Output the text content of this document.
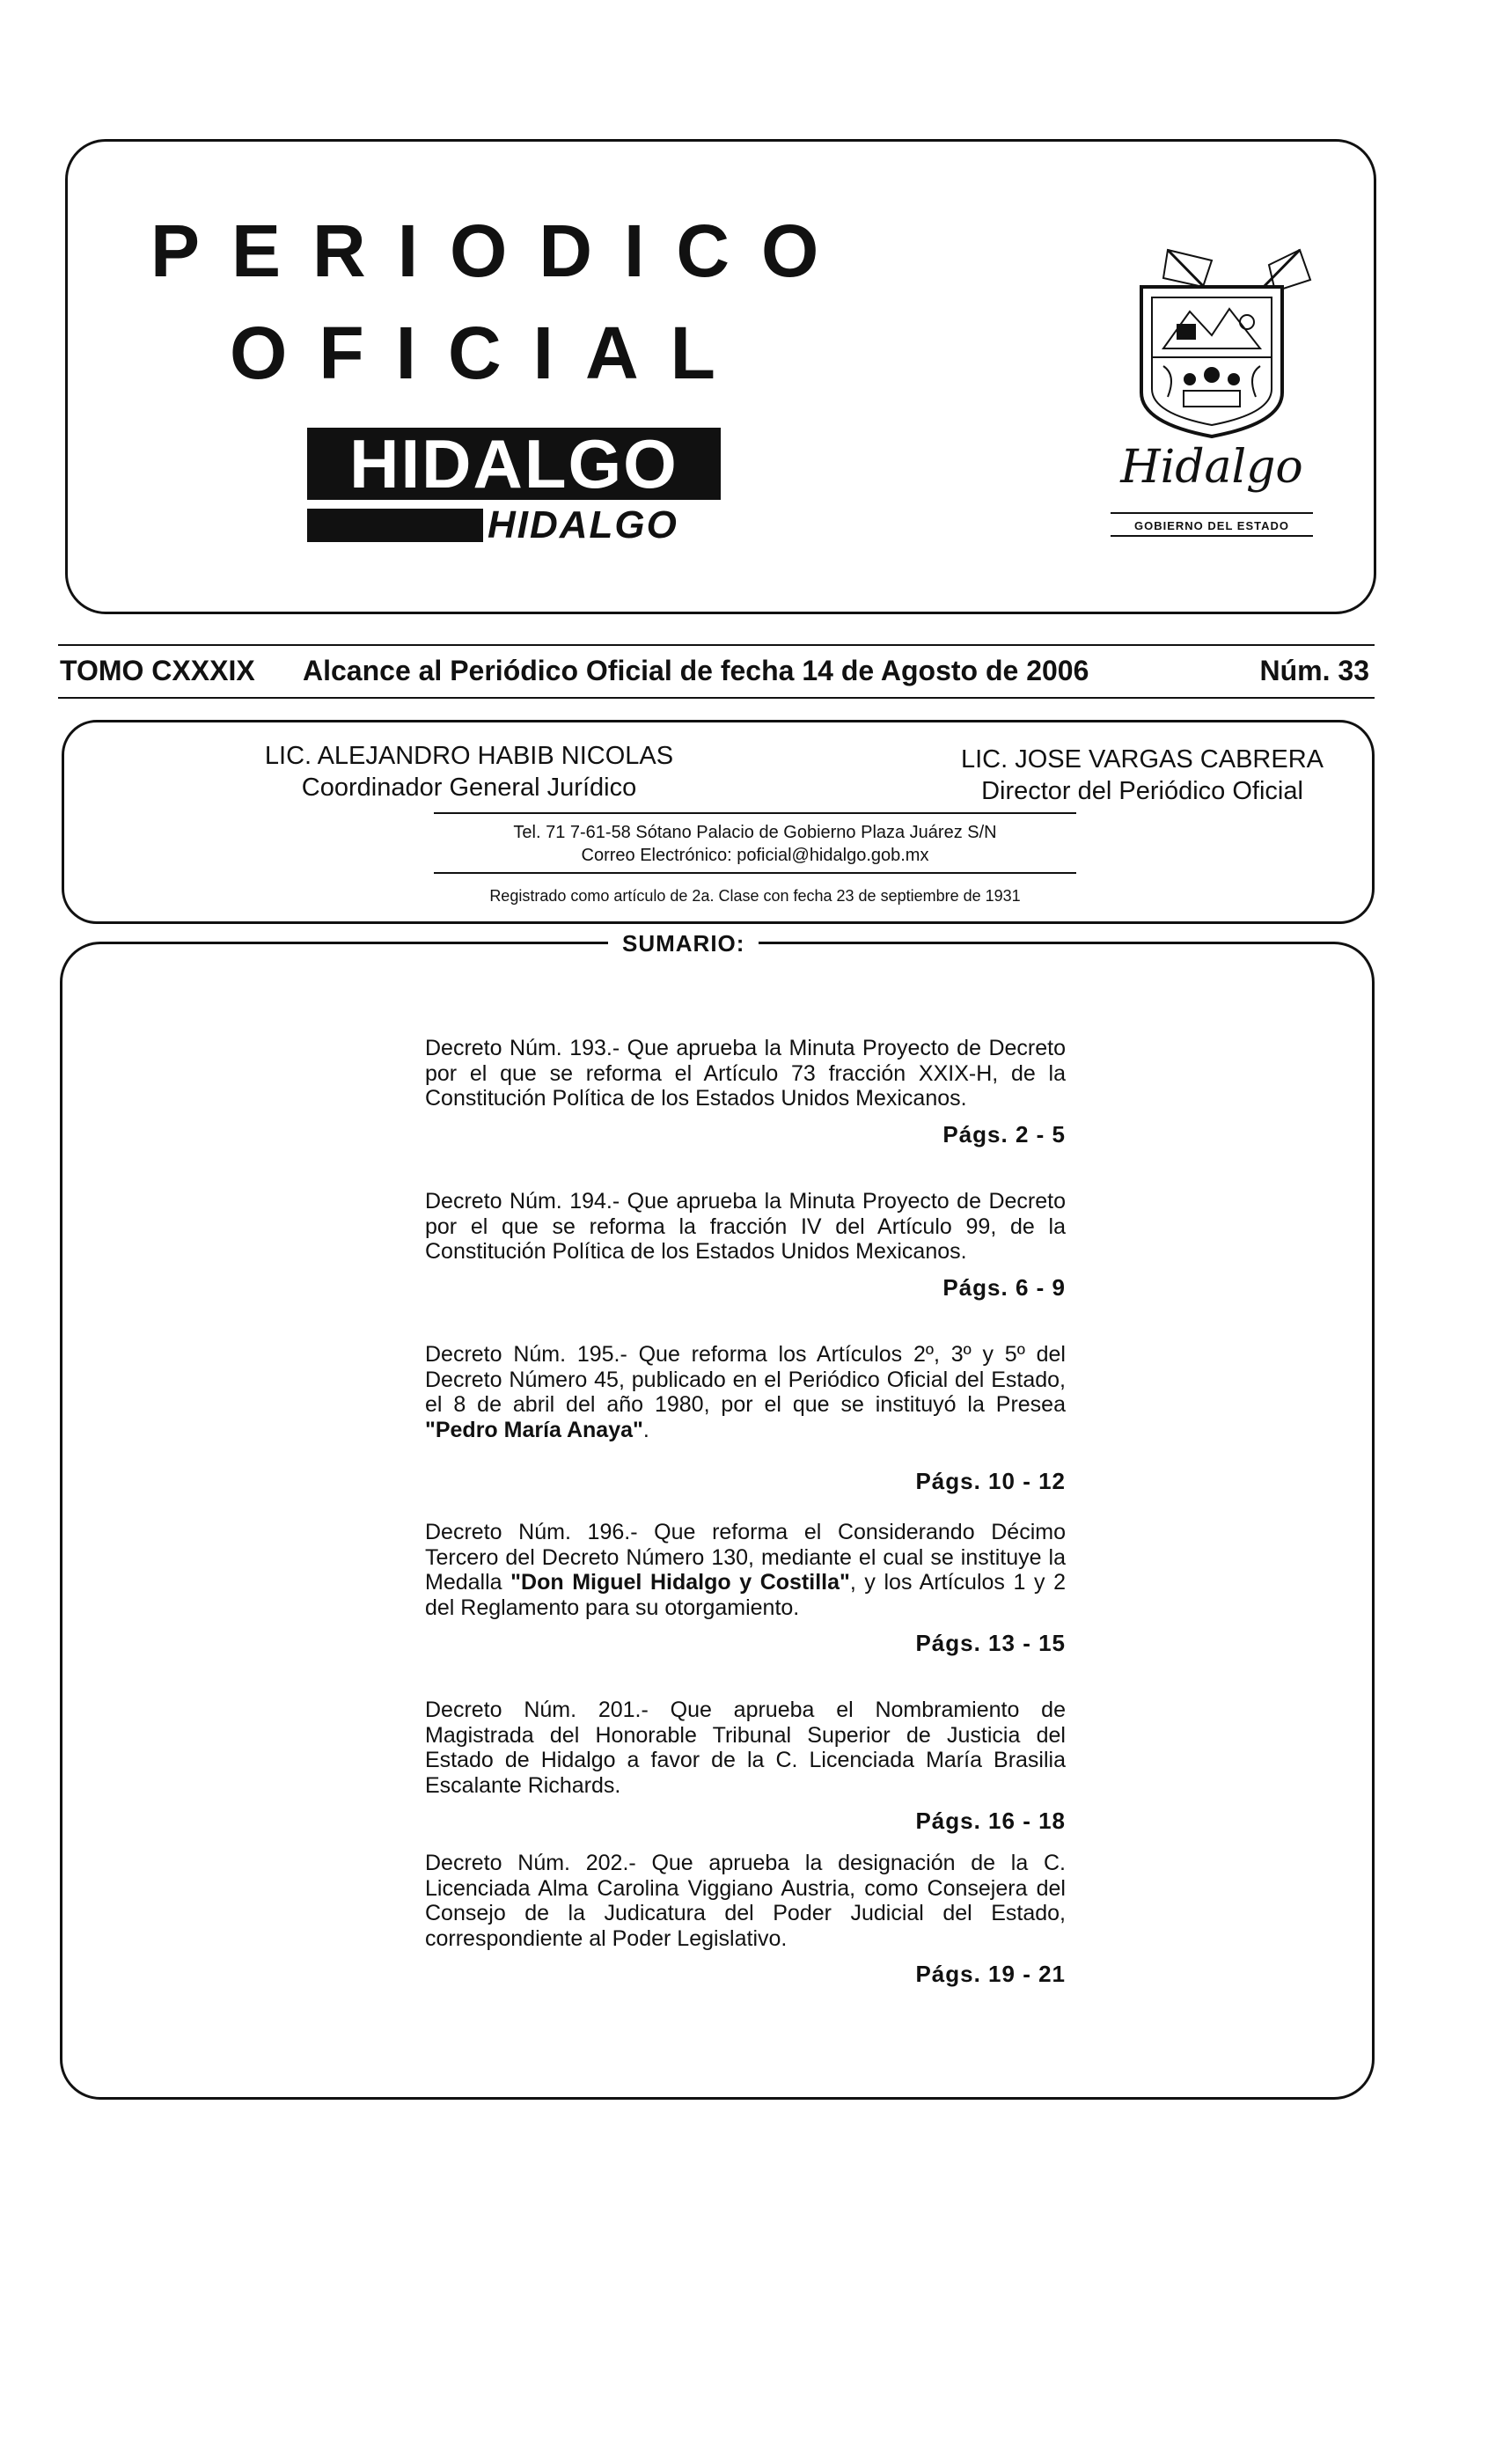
PERIODICO
OFICIAL
HIDALGO
HIDALGO
Hidalgo
GOBIERNO DEL ESTADO
TOMO CXXXIX Alcance al Periódico Oficial de fecha 14 de Agosto de 2006	Núm. 33
LIC. ALEJANDRO HABIB NICOLAS
Coordinador General Jurídico
LIC. JOSE VARGAS CABRERA
Director del Periódico Oficial
Tel. 71 7-61-58 Sótano Palacio de Gobierno Plaza Juárez S/N
Correo Electrónico: poficial@hidalgo.gob.mx
Registrado como artículo de 2a. Clase con fecha 23 de septiembre de 1931
SUMARIO:

Decreto Núm. 193.- Que aprueba la Minuta Proyecto de Decreto por el que se reforma el Artículo 73 fracción XXIX-H, de la Constitución Política de los Estados Unidos Mexicanos.

Págs. 2 - 5

Decreto Núm. 194.- Que aprueba la Minuta Proyecto de Decreto por el que se reforma la fracción IV del Artículo 99, de la Constitución Política de los Estados Unidos Mexicanos.

Págs. 6 - 9

Decreto Núm. 195.- Que reforma los Artículos 2º, 3º y 5º del Decreto Número 45, publicado en el Periódico Oficial del Estado, el 8 de abril del año 1980, por el que se instituyó la Presea "Pedro María Anaya".

Págs. 10 - 12

Decreto Núm. 196.- Que reforma el Considerando Décimo Tercero del Decreto Número 130, mediante el cual se instituye la Medalla "Don Miguel Hidalgo y Costilla", y los Artículos 1 y 2 del Reglamento para su otorgamiento.

Págs. 13 - 15

Decreto Núm. 201.- Que aprueba el Nombramiento de Magistrada del Honorable Tribunal Superior de Justicia del Estado de Hidalgo a favor de la C. Licenciada María Brasilia Escalante Richards.

Págs. 16 - 18

Decreto Núm. 202.- Que aprueba la designación de la C. Licenciada Alma Carolina Viggiano Austria, como Consejera del Consejo de la Judicatura del Poder Judicial del Estado, correspondiente al Poder Legislativo.

Págs. 19 - 21
